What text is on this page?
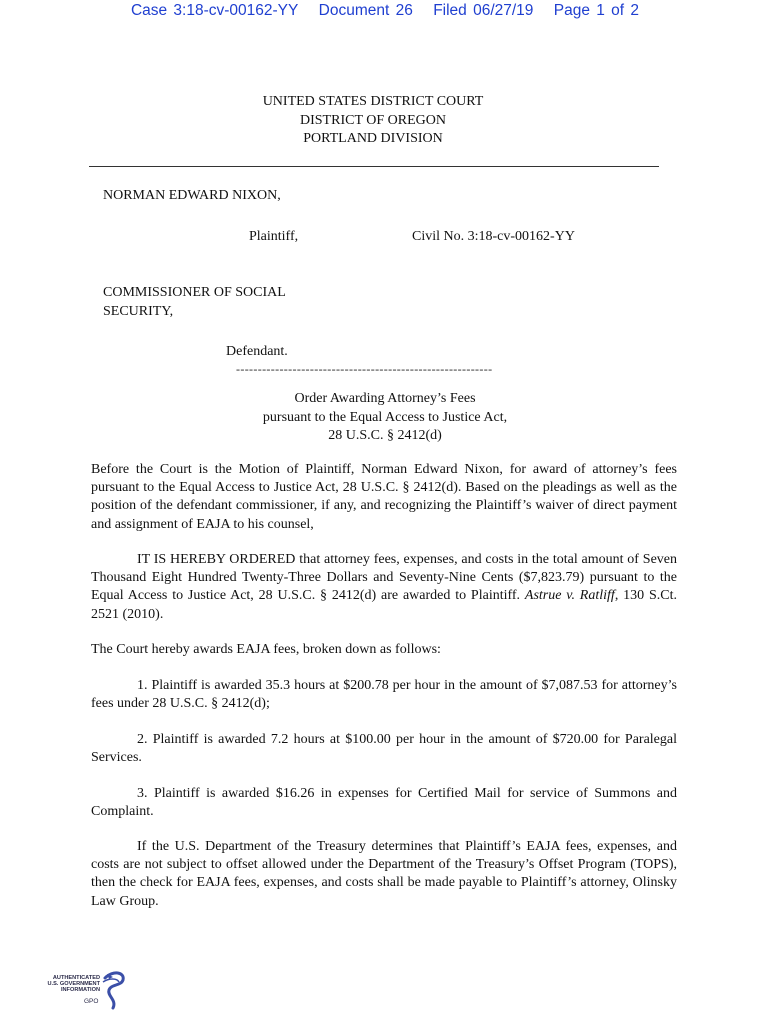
Case 3:18-cv-00162-YY Document 26 Filed 06/27/19 Page 1 of 2
UNITED STATES DISTRICT COURT
DISTRICT OF OREGON
PORTLAND DIVISION
NORMAN EDWARD NIXON,
Plaintiff,	Civil No. 3:18-cv-00162-YY
COMMISSIONER OF SOCIAL SECURITY,
Defendant.
-----------------------------------------------------------
Order Awarding Attorney’s Fees
pursuant to the Equal Access to Justice Act,
28 U.S.C. § 2412(d)
Before the Court is the Motion of Plaintiff, Norman Edward Nixon, for award of attorney’s fees pursuant to the Equal Access to Justice Act, 28 U.S.C. § 2412(d). Based on the pleadings as well as the position of the defendant commissioner, if any, and recognizing the Plaintiff’s waiver of direct payment and assignment of EAJA to his counsel,
IT IS HEREBY ORDERED that attorney fees, expenses, and costs in the total amount of Seven Thousand Eight Hundred Twenty-Three Dollars and Seventy-Nine Cents ($7,823.79) pursuant to the Equal Access to Justice Act, 28 U.S.C. § 2412(d) are awarded to Plaintiff. Astrue v. Ratliff, 130 S.Ct. 2521 (2010).
The Court hereby awards EAJA fees, broken down as follows:
1. Plaintiff is awarded 35.3 hours at $200.78 per hour in the amount of $7,087.53 for attorney’s fees under 28 U.S.C. § 2412(d);
2. Plaintiff is awarded 7.2 hours at $100.00 per hour in the amount of $720.00 for Paralegal Services.
3. Plaintiff is awarded $16.26 in expenses for Certified Mail for service of Summons and Complaint.
If the U.S. Department of the Treasury determines that Plaintiff’s EAJA fees, expenses, and costs are not subject to offset allowed under the Department of the Treasury’s Offset Program (TOPS), then the check for EAJA fees, expenses, and costs shall be made payable to Plaintiff’s attorney, Olinsky Law Group.
AUTHENTICATED
U.S. GOVERNMENT
INFORMATION
GPO
